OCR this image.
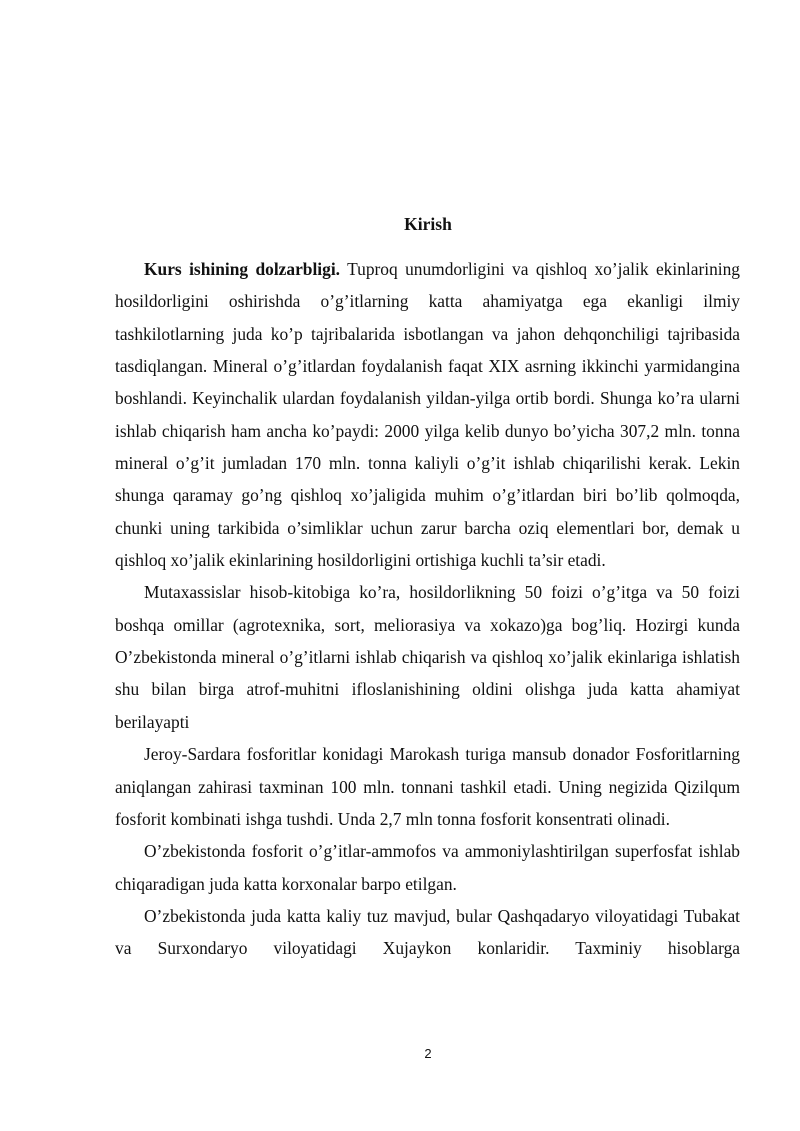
Kirish

Kurs ishining dolzarbligi. Tuproq unumdorligini va qishloq xo’jalik ekinlarining hosildorligini oshirishda o’g’itlarning katta ahamiyatga ega ekanligi ilmiy tashkilotlarning juda ko’p tajribalarida isbotlangan va jahon dehqonchiligi tajribasida tasdiqlangan. Mineral o’g’itlardan foydalanish faqat XIX asrning ikkinchi yarmidangina boshlandi. Keyinchalik ulardan foydalanish yildan-yilga ortib bordi. Shunga ko’ra ularni ishlab chiqarish ham ancha ko’paydi: 2000 yilga kelib dunyo bo’yicha 307,2 mln. tonna mineral o’g’it jumladan 170 mln. tonna kaliyli o’g’it ishlab chiqarilishi kerak. Lekin shunga qaramay go’ng qishloq xo’jaligida muhim o’g’itlardan biri bo’lib qolmoqda, chunki uning tarkibida o’simliklar uchun zarur barcha oziq elementlari bor, demak u qishloq xo’jalik ekinlarining hosildorligini ortishiga kuchli ta’sir etadi.

Mutaxassislar hisob-kitobiga ko’ra, hosildorlikning 50 foizi o’g’itga va 50 foizi boshqa omillar (agrotexnika, sort, meliorasiya va xokazo)ga bog’liq. Hozirgi kunda O’zbekistonda mineral o’g’itlarni ishlab chiqarish va qishloq xo’jalik ekinlariga ishlatish shu bilan birga atrof-muhitni ifloslanishining oldini olishga juda katta ahamiyat berilayapti

Jeroy-Sardara fosforitlar konidagi Marokash turiga mansub donador Fosforitlarning aniqlangan zahirasi taxminan 100 mln. tonnani tashkil etadi. Uning negizida Qizilqum fosforit kombinati ishga tushdi. Unda 2,7 mln tonna fosforit konsentrati olinadi.

O’zbekistonda fosforit o’g’itlar-ammofos va ammoniylashtirilgan superfosfat ishlab chiqaradigan juda katta korxonalar barpo etilgan.

O’zbekistonda juda katta kaliy tuz mavjud, bular Qashqadaryo viloyatidagi Tubakat va Surxondaryo viloyatidagi Xujaykon konlaridir. Taxminiy hisoblarga

2
